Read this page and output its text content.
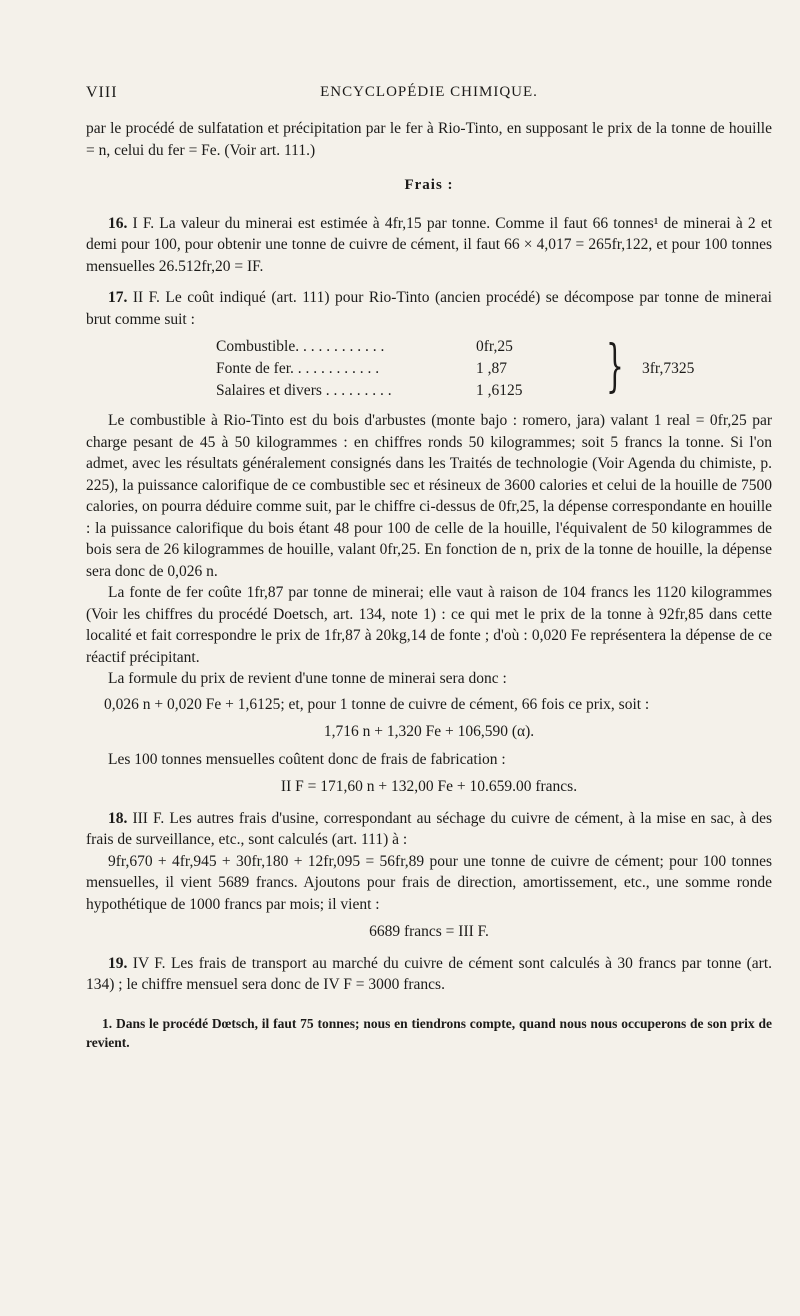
VIII	ENCYCLOPÉDIE CHIMIQUE.

par le procédé de sulfatation et précipitation par le fer à Rio-Tinto, en supposant le prix de la tonne de houille = n, celui du fer = Fe. (Voir art. 111.)

Frais :

16. I F. La valeur du minerai est estimée à 4fr,15 par tonne. Comme il faut 66 tonnes¹ de minerai à 2 et demi pour 100, pour obtenir une tonne de cuivre de cément, il faut 66 × 4,017 = 265fr,122, et pour 100 tonnes mensuelles 26.512fr,20 = IF.

17. II F. Le coût indiqué (art. 111) pour Rio-Tinto (ancien procédé) se décompose par tonne de minerai brut comme suit :

Combustible. . . . . . . . . . . .	0fr,25
Fonte de fer. . . . . . . . . . . .	1 ,87
Salaires et divers . . . . . . . . .	1 ,6125	} 3fr,7325

Le combustible à Rio-Tinto est du bois d'arbustes (monte bajo : romero, jara) valant 1 real = 0fr,25 par charge pesant de 45 à 50 kilogrammes : en chiffres ronds 50 kilogrammes; soit 5 francs la tonne. Si l'on admet, avec les résultats généralement consignés dans les Traités de technologie (Voir Agenda du chimiste, p. 225), la puissance calorifique de ce combustible sec et résineux de 3600 calories et celui de la houille de 7500 calories, on pourra déduire comme suit, par le chiffre ci-dessus de 0fr,25, la dépense correspondante en houille : la puissance calorifique du bois étant 48 pour 100 de celle de la houille, l'équivalent de 50 kilogrammes de bois sera de 26 kilogrammes de houille, valant 0fr,25. En fonction de n, prix de la tonne de houille, la dépense sera donc de 0,026 n.

La fonte de fer coûte 1fr,87 par tonne de minerai; elle vaut à raison de 104 francs les 1120 kilogrammes (Voir les chiffres du procédé Doetsch, art. 134, note 1) : ce qui met le prix de la tonne à 92fr,85 dans cette localité et fait correspondre le prix de 1fr,87 à 20kg,14 de fonte ; d'où : 0,020 Fe représentera la dépense de ce réactif précipitant.

La formule du prix de revient d'une tonne de minerai sera donc :

0,026 n + 0,020 Fe + 1,6125; et, pour 1 tonne de cuivre de cément, 66 fois ce prix, soit :

1,716 n + 1,320 Fe + 106,590 (α).

Les 100 tonnes mensuelles coûtent donc de frais de fabrication :

II F = 171,60 n + 132,00 Fe + 10.659.00 francs.

18. III F. Les autres frais d'usine, correspondant au séchage du cuivre de cément, à la mise en sac, à des frais de surveillance, etc., sont calculés (art. 111) à :

9fr,670 + 4fr,945 + 30fr,180 + 12fr,095 = 56fr,89 pour une tonne de cuivre de cément; pour 100 tonnes mensuelles, il vient 5689 francs. Ajoutons pour frais de direction, amortissement, etc., une somme ronde hypothétique de 1000 francs par mois; il vient :

6689 francs = III F.

19. IV F. Les frais de transport au marché du cuivre de cément sont calculés à 30 francs par tonne (art. 134) ; le chiffre mensuel sera donc de IV F = 3000 francs.

1. Dans le procédé Dœtsch, il faut 75 tonnes; nous en tiendrons compte, quand nous nous occuperons de son prix de revient.
